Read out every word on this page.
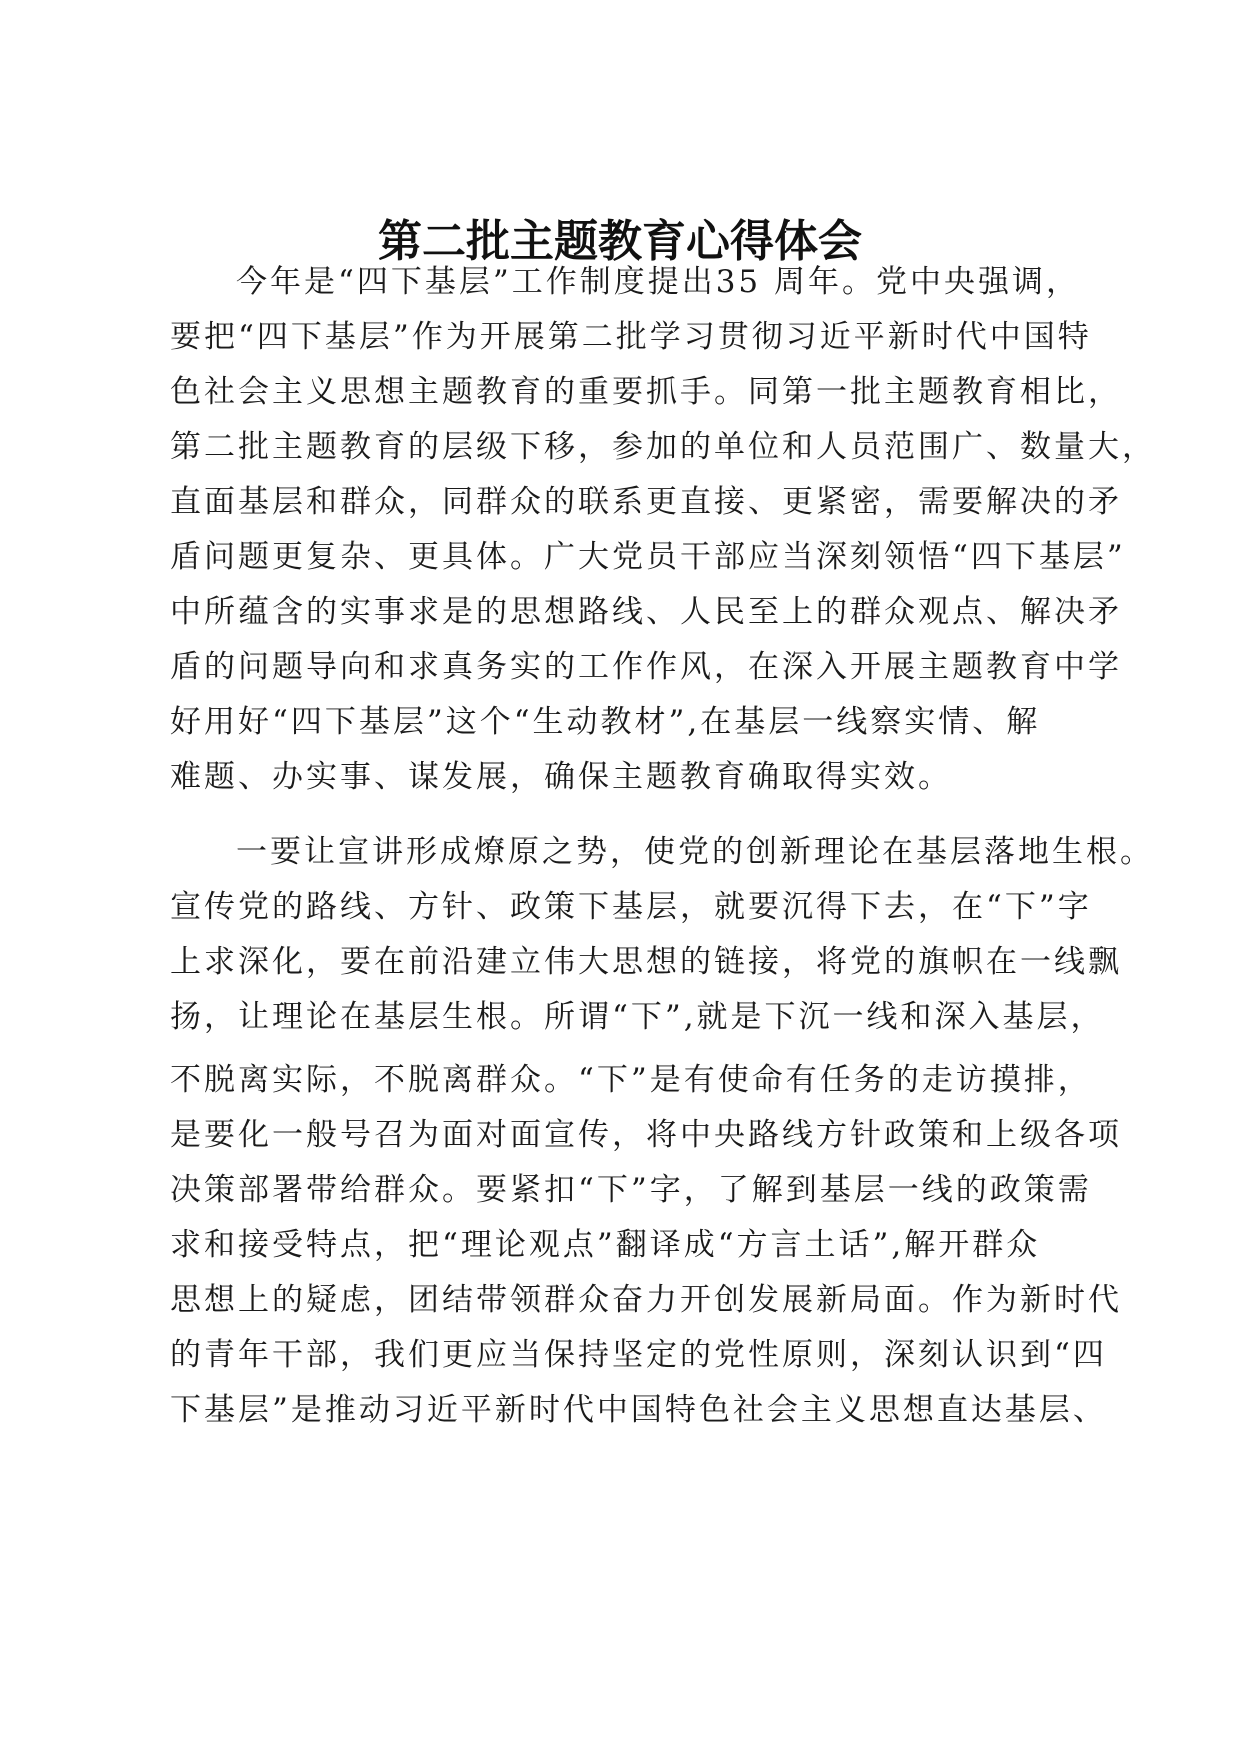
第二批主题教育心得体会
今年是“四下基层”工作制度提出35 周年。党中央强调，
要把“四下基层”作为开展第二批学习贯彻习近平新时代中国特
色社会主义思想主题教育的重要抓手。同第一批主题教育相比，
第二批主题教育的层级下移，参加的单位和人员范围广、数量大，
直面基层和群众，同群众的联系更直接、更紧密，需要解决的矛
盾问题更复杂、更具体。广大党员干部应当深刻领悟“四下基层”
中所蕴含的实事求是的思想路线、人民至上的群众观点、解决矛
盾的问题导向和求真务实的工作作风，在深入开展主题教育中学
好用好“四下基层”这个“生动教材”,在基层一线察实情、解
难题、办实事、谋发展，确保主题教育确取得实效。
一要让宣讲形成燎原之势，使党的创新理论在基层落地生根。
宣传党的路线、方针、政策下基层，就要沉得下去，在“下”字
上求深化，要在前沿建立伟大思想的链接，将党的旗帜在一线飘
扬，让理论在基层生根。所谓“下”,就是下沉一线和深入基层，
不脱离实际，不脱离群众。“下”是有使命有任务的走访摸排，
是要化一般号召为面对面宣传，将中央路线方针政策和上级各项
决策部署带给群众。要紧扣“下”字，了解到基层一线的政策需
求和接受特点，把“理论观点”翻译成“方言土话”,解开群众
思想上的疑虑，团结带领群众奋力开创发展新局面。作为新时代
的青年干部，我们更应当保持坚定的党性原则，深刻认识到“四
下基层”是推动习近平新时代中国特色社会主义思想直达基层、
